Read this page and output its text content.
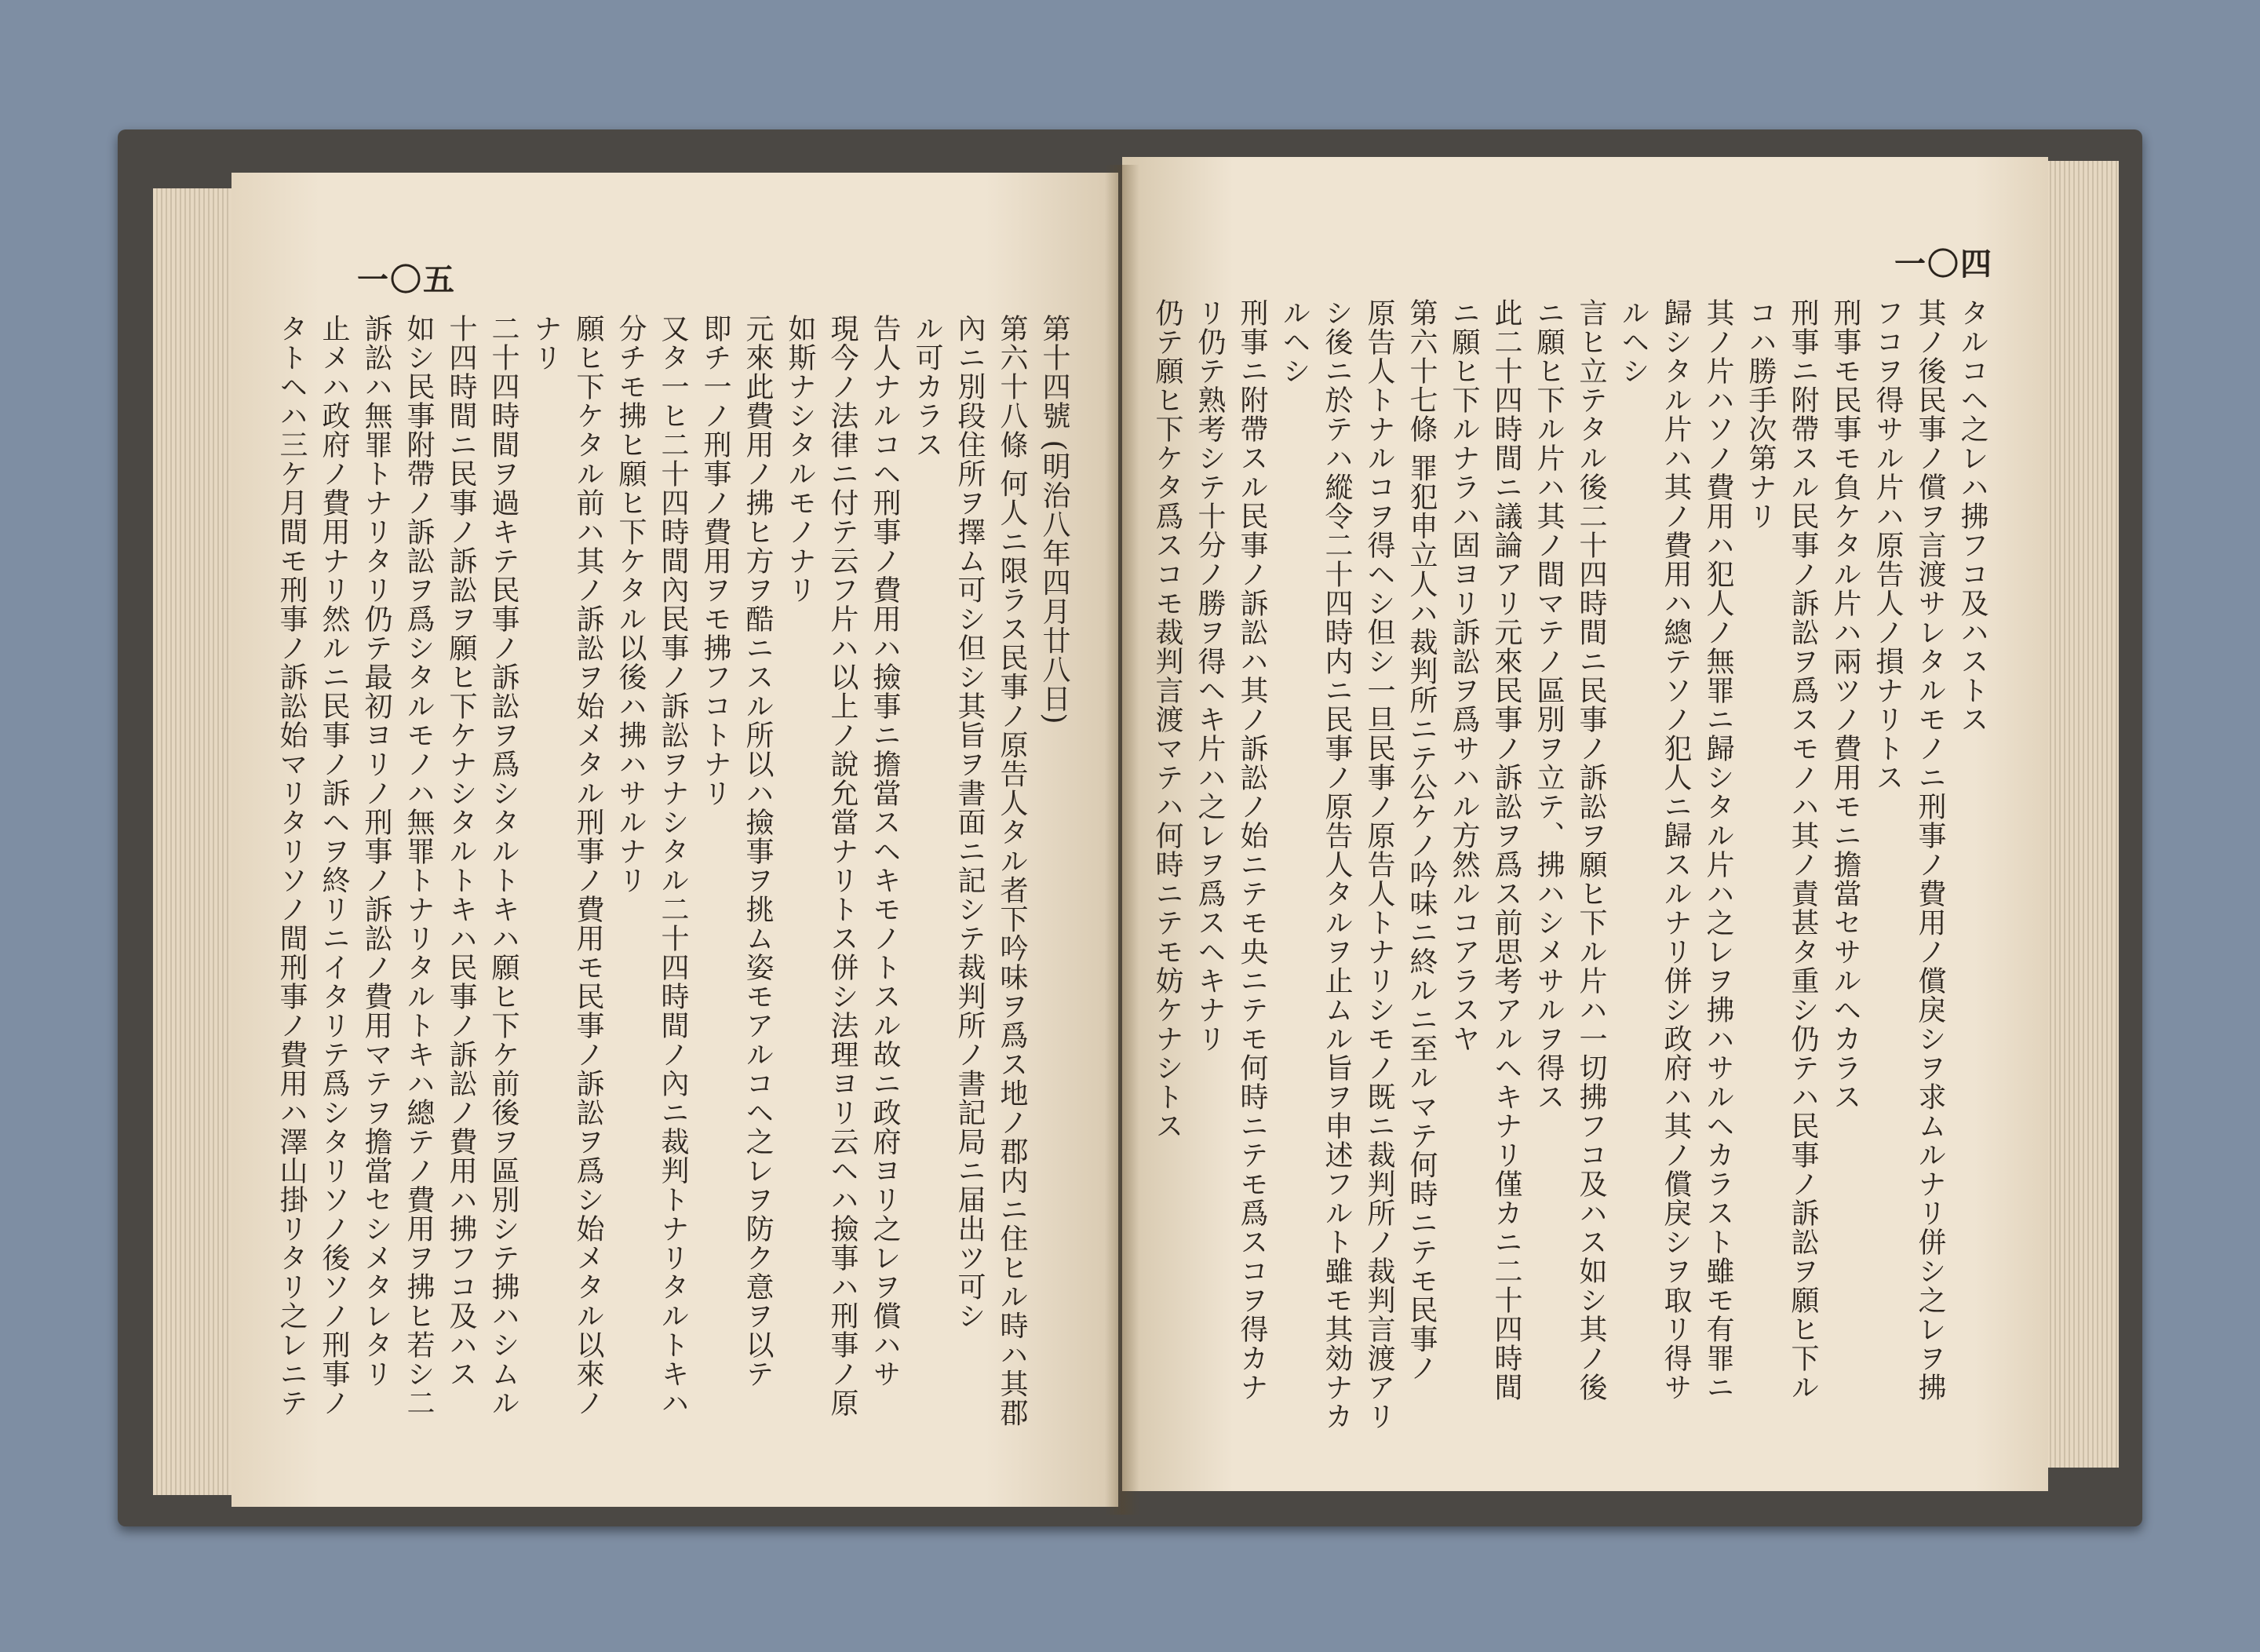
一〇五
第十四號 (明治八年四月廿八日)
第六十八條 何人ニ限ラス民事ノ原告人タル者下吟味ヲ爲ス地ノ郡内ニ住ヒル時ハ其郡
內ニ別段住所ヲ擇ム可シ但シ其旨ヲ書面ニ記シテ裁判所ノ書記局ニ届出ツ可シ
ル可カラス
告人ナルコヘ刑事ノ費用ハ撿事ニ擔當スヘキモノトスル故ニ政府ヨリ之レヲ償ハサ
現今ノ法律ニ付テ云フ片ハ以上ノ說允當ナリトス併シ法理ヨリ云ヘハ撿事ハ刑事ノ原
如斯ナシタルモノナリ
元來此費用ノ拂ヒ方ヲ酷ニスル所以ハ撿事ヲ挑ム姿モアルコヘ之レヲ防ク意ヲ以テ
即チ一ノ刑事ノ費用ヲモ拂フコトナリ
又タ一ヒ二十四時間內民事ノ訴訟ヲナシタル二十四時間ノ內ニ裁判トナリタルトキハ
分チモ拂ヒ願ヒ下ケタル以後ハ拂ハサルナリ
願ヒ下ケタル前ハ其ノ訴訟ヲ始メタル刑事ノ費用モ民事ノ訴訟ヲ爲シ始メタル以來ノ
ナリ
二十四時間ヲ過キテ民事ノ訴訟ヲ爲シタルトキハ願ヒ下ケ前後ヲ區別シテ拂ハシムル
十四時間ニ民事ノ訴訟ヲ願ヒ下ケナシタルトキハ民事ノ訴訟ノ費用ハ拂フコ及ハス
如シ民事附帶ノ訴訟ヲ爲シタルモノハ無罪トナリタルトキハ總テノ費用ヲ拂ヒ若シ二
訴訟ハ無罪トナリタリ仍テ最初ヨリノ刑事ノ訴訟ノ費用マテヲ擔當セシメタレタリ
止メハ政府ノ費用ナリ然ルニ民事ノ訴ヘヲ終リニイタリテ爲シタリソノ後ソノ刑事ノ
タトヘハ三ケ月間モ刑事ノ訴訟始マリタリソノ間刑事ノ費用ハ澤山掛リタリ之レニテ
一〇四
タルコヘ之レハ拂フコ及ハストス
其ノ後民事ノ償ヲ言渡サレタルモノニ刑事ノ費用ノ償戾シヲ求ムルナリ併シ之レヲ拂
フコヲ得サル片ハ原告人ノ損ナリトス
刑事モ民事モ負ケタル片ハ兩ツノ費用モニ擔當セサルヘカラス
刑事ニ附帶スル民事ノ訴訟ヲ爲スモノハ其ノ責甚タ重シ仍テハ民事ノ訴訟ヲ願ヒ下ル
コハ勝手次第ナリ
其ノ片ハソノ費用ハ犯人ノ無罪ニ歸シタル片ハ之レヲ拂ハサルヘカラスト雖モ有罪ニ
歸シタル片ハ其ノ費用ハ總テソノ犯人ニ歸スルナリ併シ政府ハ其ノ償戾シヲ取リ得サ
ルヘシ
言ヒ立テタル後二十四時間ニ民事ノ訴訟ヲ願ヒ下ル片ハ一切拂フコ及ハス如シ其ノ後
ニ願ヒ下ル片ハ其ノ間マテノ區別ヲ立テ、拂ハシメサルヲ得ス
此二十四時間ニ議論アリ元來民事ノ訴訟ヲ爲ス前思考アルヘキナリ僅カニ二十四時間
ニ願ヒ下ルナラハ固ヨリ訴訟ヲ爲サハル方然ルコアラスヤ
第六十七條 罪犯申立人ハ裁判所ニテ公ケノ吟味ニ終ルニ至ルマテ何時ニテモ民事ノ
原告人トナルコヲ得ヘシ但シ一旦民事ノ原告人トナリシモノ既ニ裁判所ノ裁判言渡アリ
シ後ニ於テハ縱令二十四時内ニ民事ノ原告人タルヲ止ムル旨ヲ申述フルト雖モ其効ナカ
ルヘシ
刑事ニ附帶スル民事ノ訴訟ハ其ノ訴訟ノ始ニテモ央ニテモ何時ニテモ爲スコヲ得カナ
リ仍テ熟考シテ十分ノ勝ヲ得ヘキ片ハ之レヲ爲スヘキナリ
仍テ願ヒ下ケタ爲スコモ裁判言渡マテハ何時ニテモ妨ケナシトス
